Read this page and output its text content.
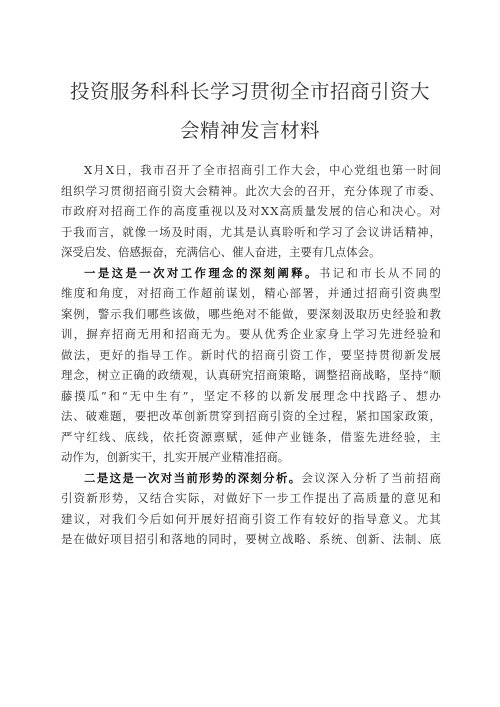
投资服务科科长学习贯彻全市招商引资大
会精神发言材料
X 月 X 日 ， 我 市 召 开 了 全 市 招 商 引 工 作 大 会 ， 中 心 党 组 也 第 一 时 间
组 织 学 习 贯 彻 招 商 引 资 大 会 精 神 。 此 次 大 会 的 召 开 ， 充 分 体 现 了 市 委 、
市 政 府 对 招 商 工 作 的 高 度 重 视 以 及 对 X X 高 质 量 发 展 的 信 心 和 决 心 。 对
于 我 而 言 ， 就 像 一 场 及 时 雨 ， 尤 其 是 认 真 聆 听 和 学 习 了 会 议 讲 话 精 神 ，
深 受 启 发 、 倍 感 振 奋 ， 充 满 信 心 、 催 人 奋 进 ， 主 要 有 几 点 体 会 。
一 是 这 是 一 次 对 工 作 理 念 的 深 刻 阐 释 。 书 记 和 市 长 从 不 同 的
维 度 和 角 度 ， 对 招 商 工 作 超 前 谋 划 ， 精 心 部 署 ， 并 通 过 招 商 引 资 典 型
案 例 ， 警 示 我 们 哪 些 该 做 ， 哪 些 绝 对 不 能 做 ， 要 深 刻 汲 取 历 史 经 验 和 教
训 ， 摒 弃 招 商 无 用 和 招 商 无 为 。 要 从 优 秀 企 业 家 身 上 学 习 先 进 经 验 和
做 法 ， 更 好 的 指 导 工 作 。 新 时 代 的 招 商 引 资 工 作 ， 要 坚 持 贯 彻 新 发 展
理 念 ， 树 立 正 确 的 政 绩 观 ， 认 真 研 究 招 商 策 略 ， 调 整 招 商 战 略 ， 坚 持 “ 顺
藤 摸 瓜 ” 和 “ 无 中 生 有 ” ， 坚 定 不 移 的 以 新 发 展 理 念 中 找 路 子 、 想 办
法 、 破 难 题 ， 要 把 改 革 创 新 贯 穿 到 招 商 引 资 的 全 过 程 ， 紧 扣 国 家 政 策 ，
严 守 红 线 、 底 线 ， 依 托 资 源 禀 赋 ， 延 伸 产 业 链 条 ， 借 鉴 先 进 经 验 ， 主
动 作 为 ， 创 新 实 干 ， 扎 实 开 展 产 业 精 准 招 商 。
二 是 这 是 一 次 对 当 前 形 势 的 深 刻 分 析 。 会 议 深 入 分 析 了 当 前 招 商
引 资 新 形 势 ， 又 结 合 实 际 ， 对 做 好 下 一 步 工 作 提 出 了 高 质 量 的 意 见 和
建 议 ， 对 我 们 今 后 如 何 开 展 好 招 商 引 资 工 作 有 较 好 的 指 导 意 义 。 尤 其
是 在 做 好 项 目 招 引 和 落 地 的 同 时 ， 要 树 立 战 略 、 系 统 、 创 新 、 法 制 、 底
